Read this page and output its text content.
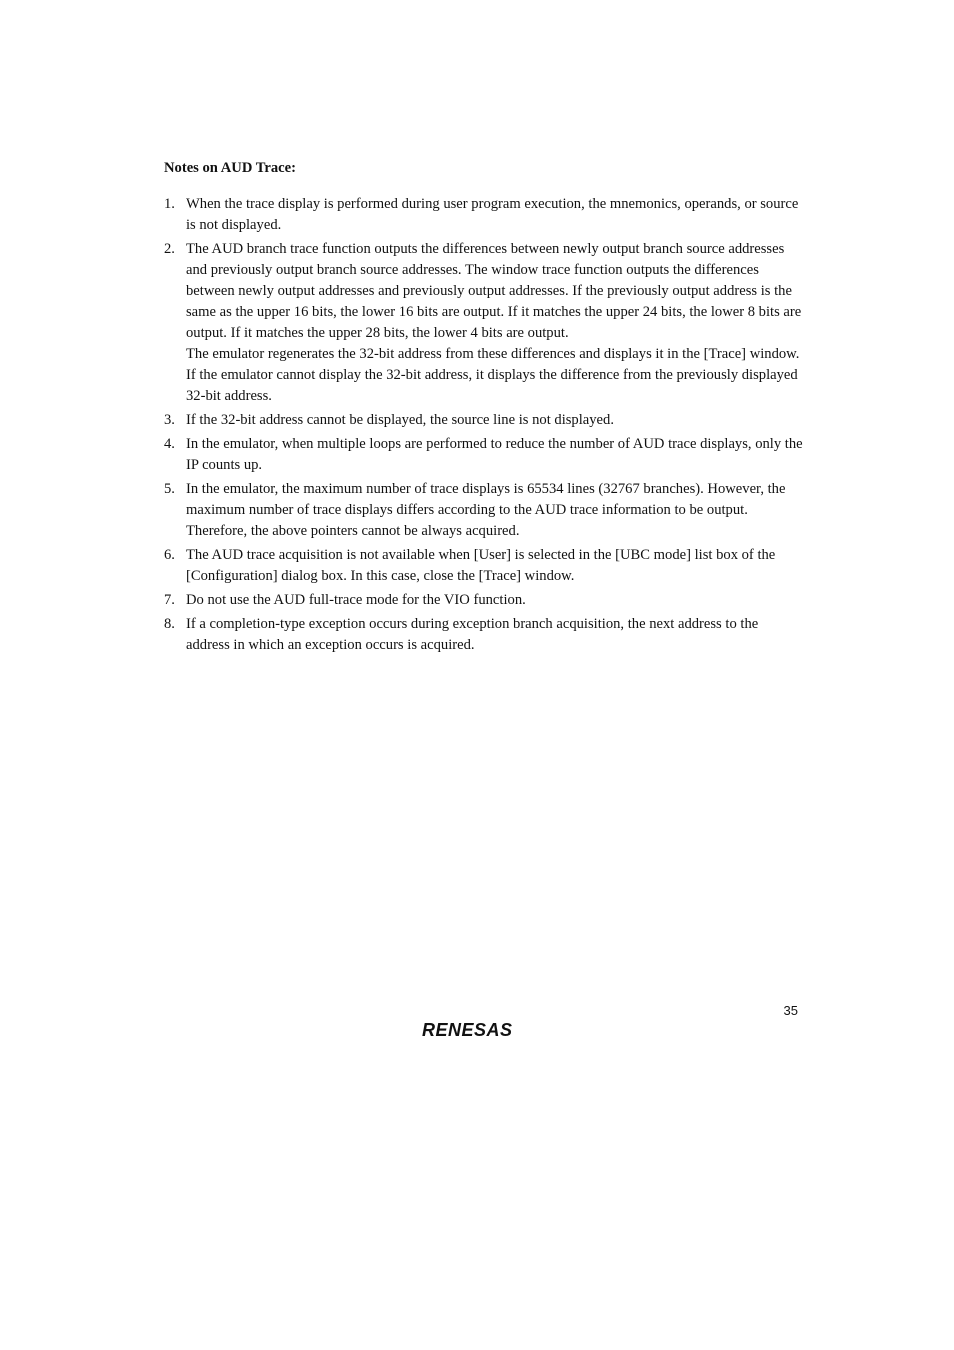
Notes on AUD Trace:
1. When the trace display is performed during user program execution, the mnemonics, operands, or source is not displayed.
2. The AUD branch trace function outputs the differences between newly output branch source addresses and previously output branch source addresses. The window trace function outputs the differences between newly output addresses and previously output addresses. If the previously output address is the same as the upper 16 bits, the lower 16 bits are output. If it matches the upper 24 bits, the lower 8 bits are output. If it matches the upper 28 bits, the lower 4 bits are output.
The emulator regenerates the 32-bit address from these differences and displays it in the [Trace] window. If the emulator cannot display the 32-bit address, it displays the difference from the previously displayed 32-bit address.
3. If the 32-bit address cannot be displayed, the source line is not displayed.
4. In the emulator, when multiple loops are performed to reduce the number of AUD trace displays, only the IP counts up.
5. In the emulator, the maximum number of trace displays is 65534 lines (32767 branches). However, the maximum number of trace displays differs according to the AUD trace information to be output. Therefore, the above pointers cannot be always acquired.
6. The AUD trace acquisition is not available when [User] is selected in the [UBC mode] list box of the [Configuration] dialog box. In this case, close the [Trace] window.
7. Do not use the AUD full-trace mode for the VIO function.
8. If a completion-type exception occurs during exception branch acquisition, the next address to the address in which an exception occurs is acquired.
35
RENESAS
